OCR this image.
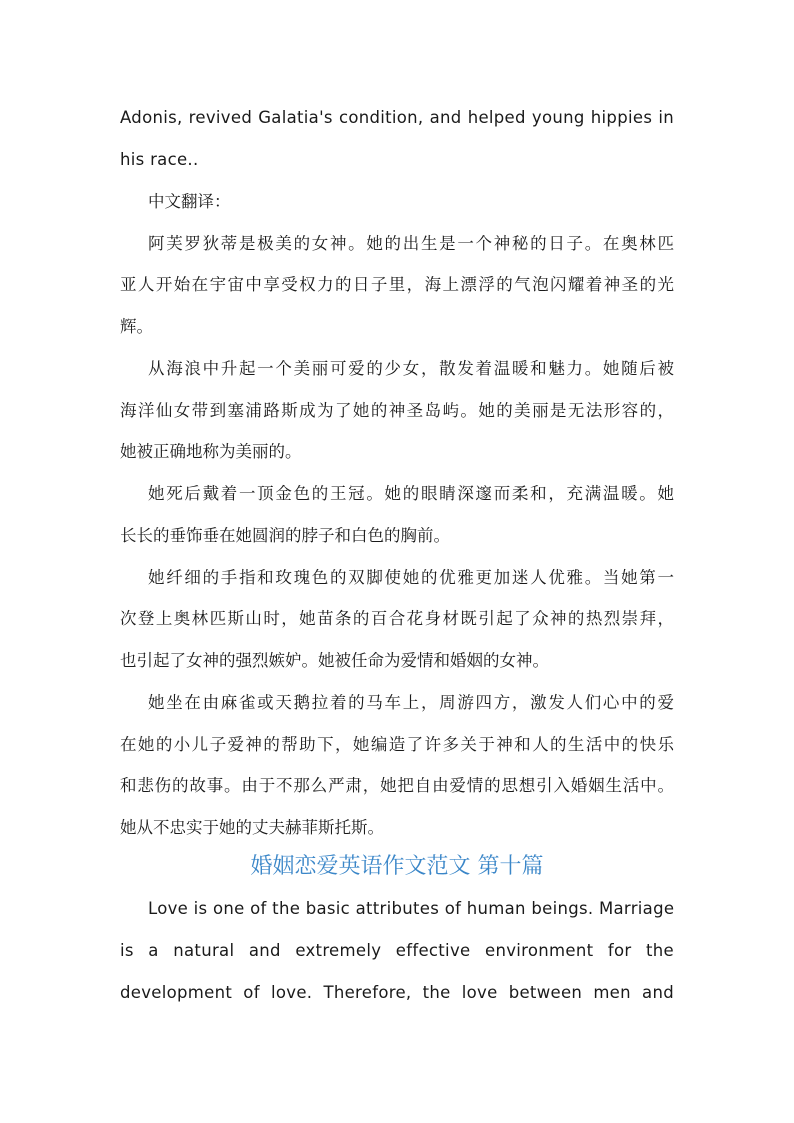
Adonis, revived Galatia's condition, and helped young hippies in
his race..
中文翻译：
阿芙罗狄蒂是极美的女神。她的出生是一个神秘的日子。在奥林匹
亚人开始在宇宙中享受权力的日子里，海上漂浮的气泡闪耀着神圣的光
辉。
从海浪中升起一个美丽可爱的少女，散发着温暖和魅力。她随后被
海洋仙女带到塞浦路斯成为了她的神圣岛屿。她的美丽是无法形容的，
她被正确地称为美丽的。
她死后戴着一顶金色的王冠。她的眼睛深邃而柔和，充满温暖。她
长长的垂饰垂在她圆润的脖子和白色的胸前。
她纤细的手指和玫瑰色的双脚使她的优雅更加迷人优雅。当她第一
次登上奥林匹斯山时，她苗条的百合花身材既引起了众神的热烈崇拜，
也引起了女神的强烈嫉妒。她被任命为爱情和婚姻的女神。
她坐在由麻雀或天鹅拉着的马车上，周游四方，激发人们心中的爱
在她的小儿子爱神的帮助下，她编造了许多关于神和人的生活中的快乐
和悲伤的故事。由于不那么严肃，她把自由爱情的思想引入婚姻生活中。
她从不忠实于她的丈夫赫菲斯托斯。
婚姻恋爱英语作文范文 第十篇
Love is one of the basic attributes of human beings. Marriage
is a natural and extremely effective environment for the
development of love. Therefore, the love between men and
